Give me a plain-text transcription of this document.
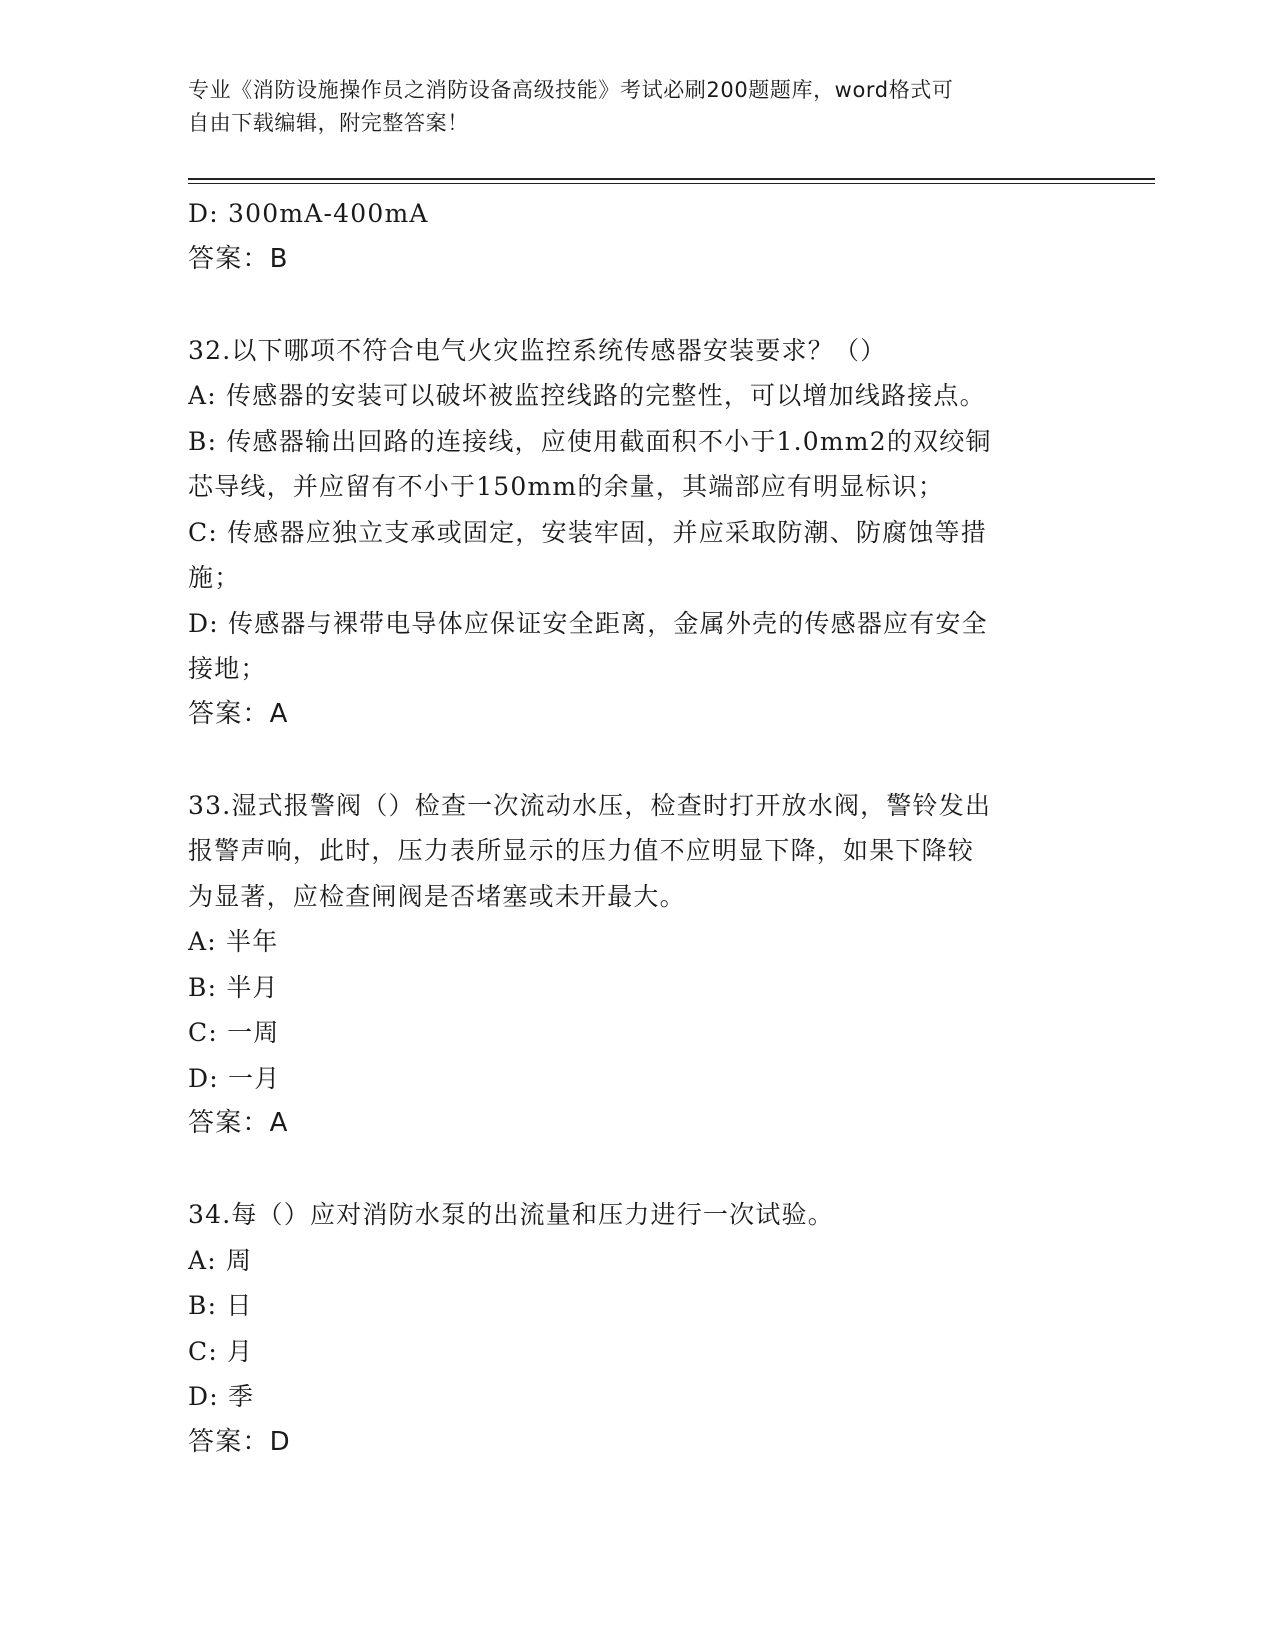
专业《消防设施操作员之消防设备高级技能》考试必刷200题题库，word格式可
自由下载编辑，附完整答案！
D: 300mA-400mA
答案：B
32.以下哪项不符合电气火灾监控系统传感器安装要求？（）
A: 传感器的安装可以破坏被监控线路的完整性，可以增加线路接点。
B: 传感器输出回路的连接线，应使用截面积不小于1.0mm2的双绞铜
芯导线，并应留有不小于150mm的余量，其端部应有明显标识；
C: 传感器应独立支承或固定，安装牢固，并应采取防潮、防腐蚀等措
施；
D: 传感器与裸带电导体应保证安全距离，金属外壳的传感器应有安全
接地；
答案：A
33.湿式报警阀（）检查一次流动水压，检查时打开放水阀，警铃发出
报警声响，此时，压力表所显示的压力值不应明显下降，如果下降较
为显著，应检查闸阀是否堵塞或未开最大。
A: 半年
B: 半月
C: 一周
D: 一月
答案：A
34.每（）应对消防水泵的出流量和压力进行一次试验。
A: 周
B: 日
C: 月
D: 季
答案：D
